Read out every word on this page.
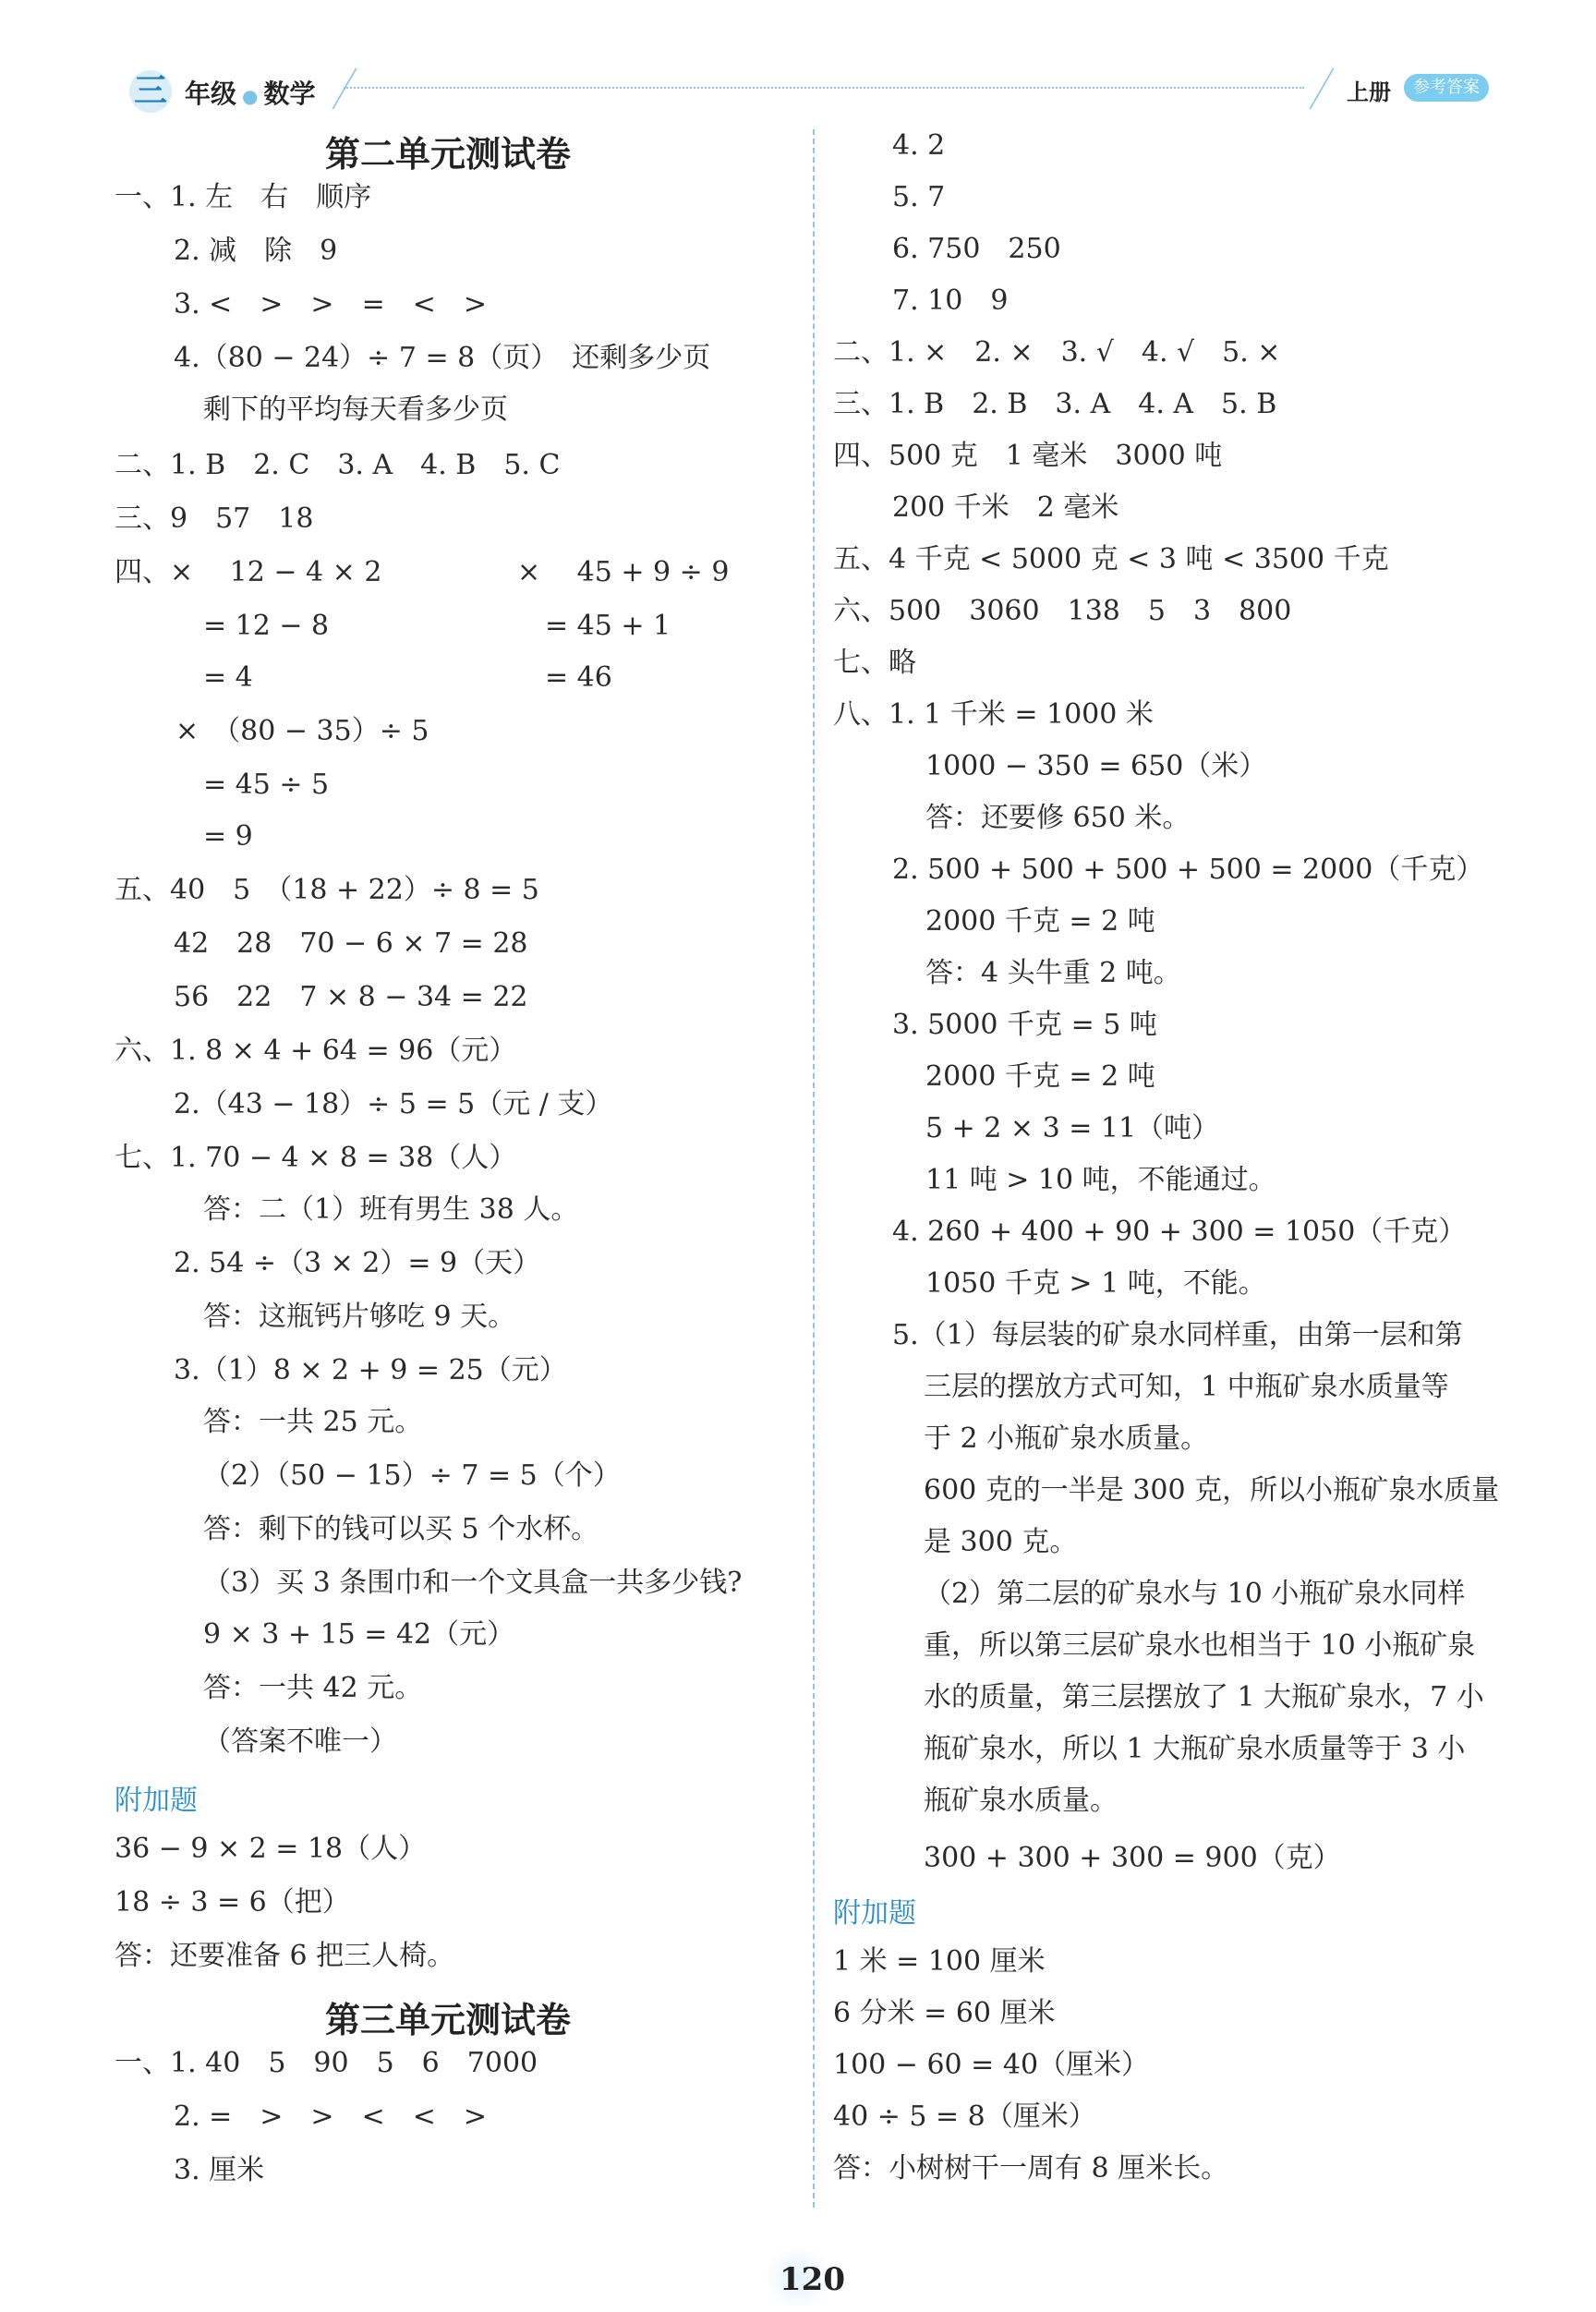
三 年级 ● 数学	上册	参考答案
第二单元测试卷
一、1. 左　右　顺序
2. 减　除　9
3. <　>　>　=　<　>
4.（80 − 24）÷ 7 = 8（页）　还剩多少页
剩下的平均每天看多少页
二、1. B　2. C　3. A　4. B　5. C
三、9　57　18
四、×　 12 − 4 × 2	×　 45 + 9 ÷ 9
= 12 − 8	= 45 + 1
= 4	= 46
×　（80 − 35）÷ 5
= 45 ÷ 5
= 9
五、40　5　（18 + 22）÷ 8 = 5
42　28　70 − 6 × 7 = 28
56　22　7 × 8 − 34 = 22
六、1. 8 × 4 + 64 = 96（元）
2.（43 − 18）÷ 5 = 5（元 / 支）
七、1. 70 − 4 × 8 = 38（人）
答：二（1）班有男生 38 人。
2. 54 ÷（3 × 2）= 9（天）
答：这瓶钙片够吃 9 天。
3.（1）8 × 2 + 9 = 25（元）
答：一共 25 元。
（2）（50 − 15）÷ 7 = 5（个）
答：剩下的钱可以买 5 个水杯。
（3）买 3 条围巾和一个文具盒一共多少钱?
9 × 3 + 15 = 42（元）
答：一共 42 元。
（答案不唯一）
附加题
36 − 9 × 2 = 18（人）
18 ÷ 3 = 6（把）
答：还要准备 6 把三人椅。
第三单元测试卷
一、1. 40　5　90　5　6　7000
2. =　>　>　<　<　>
3. 厘米
4. 2
5. 7
6. 750　250
7. 10　9
二、1. ×　2. ×　3. √　4. √　5. ×
三、1. B　2. B　3. A　4. A　5. B
四、500 克　1 毫米　3000 吨
200 千米　2 毫米
五、4 千克 < 5000 克 < 3 吨 < 3500 千克
六、500　3060　138　5　3　800
七、略
八、1. 1 千米 = 1000 米
1000 − 350 = 650（米）
答：还要修 650 米。
2. 500 + 500 + 500 + 500 = 2000（千克）
2000 千克 = 2 吨
答：4 头牛重 2 吨。
3. 5000 千克 = 5 吨
2000 千克 = 2 吨
5 + 2 × 3 = 11（吨）
11 吨 > 10 吨，不能通过。
4. 260 + 400 + 90 + 300 = 1050（千克）
1050 千克 > 1 吨，不能。
5.（1）每层装的矿泉水同样重，由第一层和第
三层的摆放方式可知，1 中瓶矿泉水质量等
于 2 小瓶矿泉水质量。
600 克的一半是 300 克，所以小瓶矿泉水质量
是 300 克。
（2）第二层的矿泉水与 10 小瓶矿泉水同样
重，所以第三层矿泉水也相当于 10 小瓶矿泉
水的质量，第三层摆放了 1 大瓶矿泉水，7 小
瓶矿泉水，所以 1 大瓶矿泉水质量等于 3 小
瓶矿泉水质量。
300 + 300 + 300 = 900（克）
附加题
1 米 = 100 厘米
6 分米 = 60 厘米
100 − 60 = 40（厘米）
40 ÷ 5 = 8（厘米）
答：小树树干一周有 8 厘米长。
120
